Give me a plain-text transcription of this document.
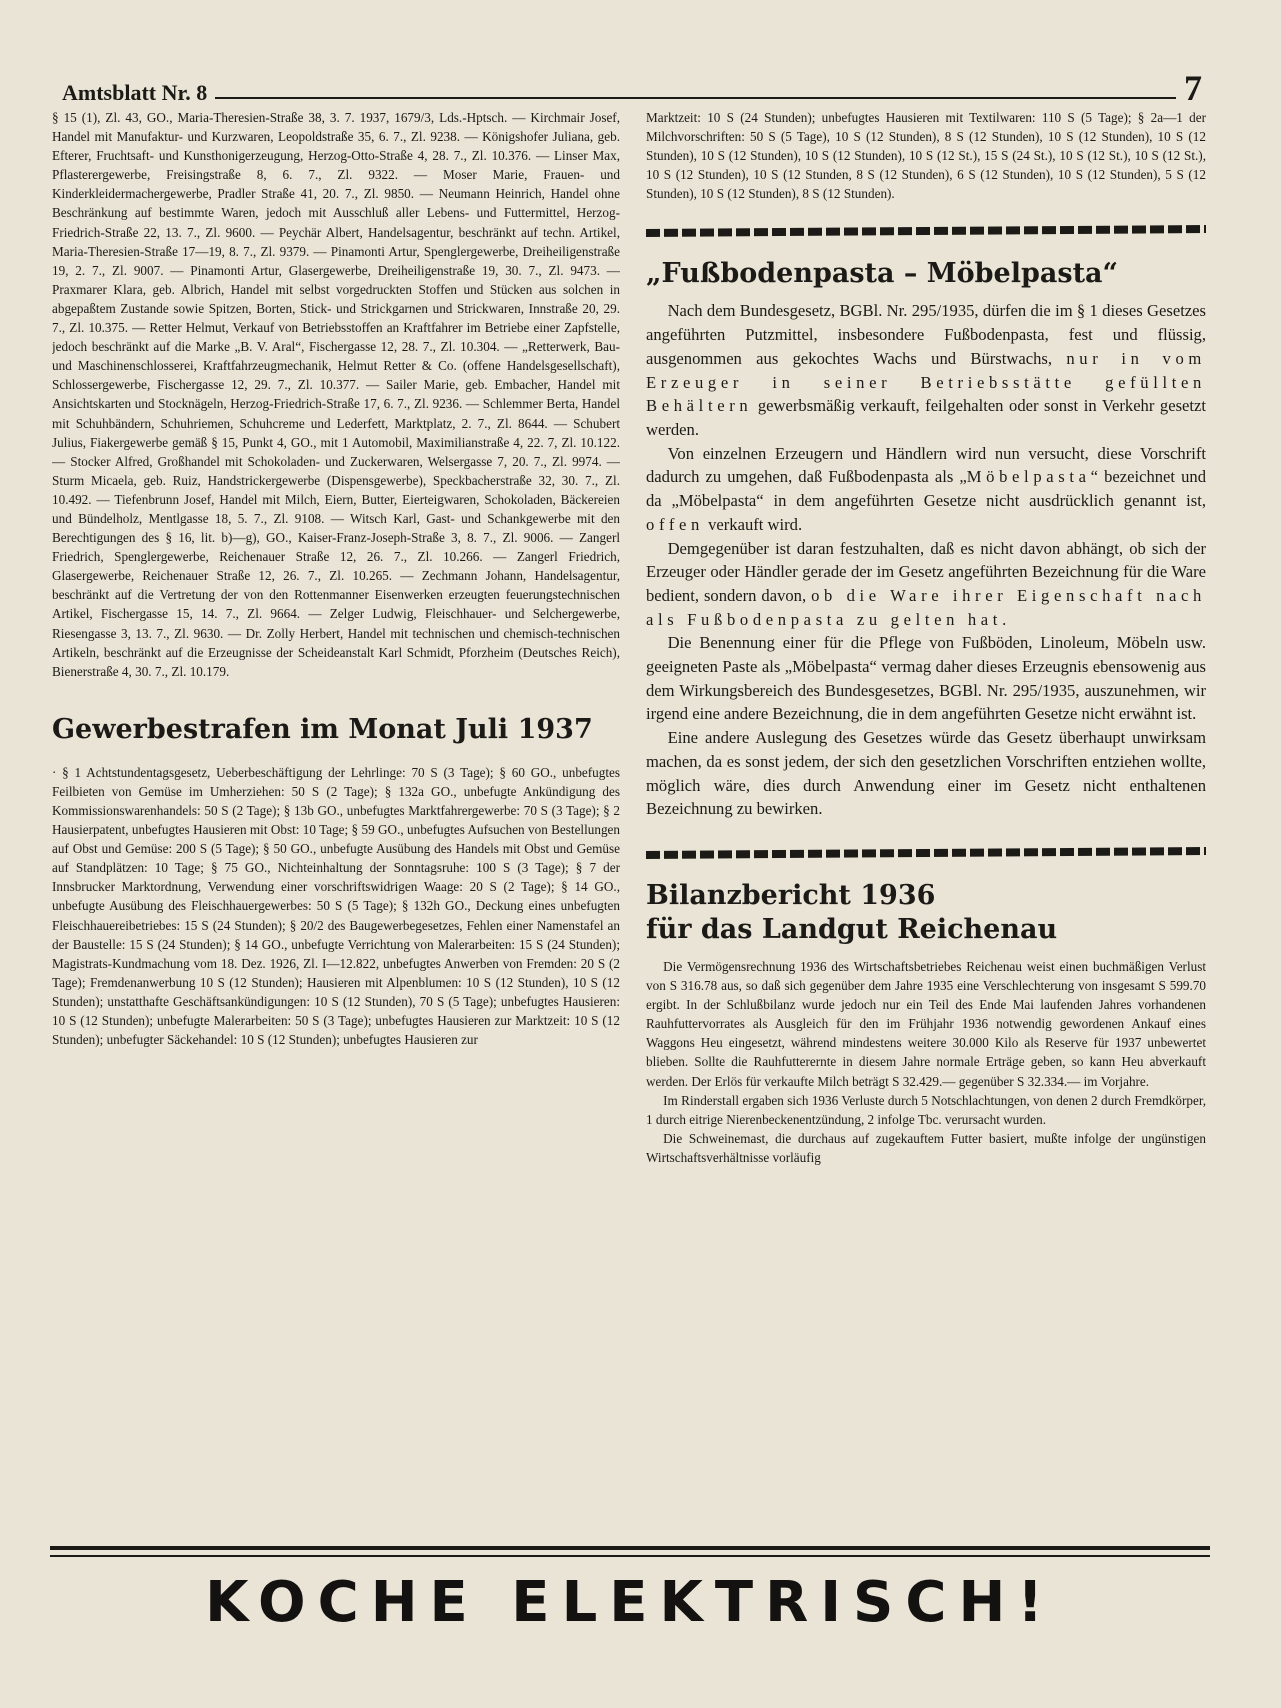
Amtsblatt Nr. 8	7

§ 15 (1), Zl. 43, GO., Maria-Theresien-Straße 38, 3. 7. 1937, 1679/3, Lds.-Hptsch. — Kirchmair Josef, Handel mit Manufaktur- und Kurzwaren, Leopoldstraße 35, 6. 7., Zl. 9238. — Königshofer Juliana, geb. Efterer, Fruchtsaft- und Kunsthonigerzeugung, Herzog-Otto-Straße 4, 28. 7., Zl. 10.376. — Linser Max, Pflasterergewerbe, Freisingstraße 8, 6. 7., Zl. 9322. — Moser Marie, Frauen- und Kinderkleidermachergewerbe, Pradler Straße 41, 20. 7., Zl. 9850. — Neumann Heinrich, Handel ohne Beschränkung auf bestimmte Waren, jedoch mit Ausschluß aller Lebens- und Futtermittel, Herzog-Friedrich-Straße 22, 13. 7., Zl. 9600. — Peychär Albert, Handelsagentur, beschränkt auf techn. Artikel, Maria-Theresien-Straße 17—19, 8. 7., Zl. 9379. — Pinamonti Artur, Spenglergewerbe, Dreiheiligenstraße 19, 2. 7., Zl. 9007. — Pinamonti Artur, Glasergewerbe, Dreiheiligenstraße 19, 30. 7., Zl. 9473. — Praxmarer Klara, geb. Albrich, Handel mit selbst vorgedruckten Stoffen und Stücken aus solchen in abgepaßtem Zustande sowie Spitzen, Borten, Stick- und Strickgarnen und Strickwaren, Innstraße 20, 29. 7., Zl. 10.375. — Retter Helmut, Verkauf von Betriebsstoffen an Kraftfahrer im Betriebe einer Zapfstelle, jedoch beschränkt auf die Marke „B. V. Aral“, Fischergasse 12, 28. 7., Zl. 10.304. — „Retterwerk, Bau- und Maschinenschlosserei, Kraftfahrzeugmechanik, Helmut Retter & Co. (offene Handelsgesellschaft), Schlossergewerbe, Fischergasse 12, 29. 7., Zl. 10.377. — Sailer Marie, geb. Embacher, Handel mit Ansichtskarten und Stocknägeln, Herzog-Friedrich-Straße 17, 6. 7., Zl. 9236. — Schlemmer Berta, Handel mit Schuhbändern, Schuhriemen, Schuhcreme und Lederfett, Marktplatz, 2. 7., Zl. 8644. — Schubert Julius, Fiakergewerbe gemäß § 15, Punkt 4, GO., mit 1 Automobil, Maximilianstraße 4, 22. 7, Zl. 10.122. — Stocker Alfred, Großhandel mit Schokoladen- und Zuckerwaren, Welsergasse 7, 20. 7., Zl. 9974. — Sturm Micaela, geb. Ruiz, Handstrickergewerbe (Dispensgewerbe), Speckbacherstraße 32, 30. 7., Zl. 10.492. — Tiefenbrunn Josef, Handel mit Milch, Eiern, Butter, Eierteigwaren, Schokoladen, Bäckereien und Bündelholz, Mentlgasse 18, 5. 7., Zl. 9108. — Witsch Karl, Gast- und Schankgewerbe mit den Berechtigungen des § 16, lit. b)—g), GO., Kaiser-Franz-Joseph-Straße 3, 8. 7., Zl. 9006. — Zangerl Friedrich, Spenglergewerbe, Reichenauer Straße 12, 26. 7., Zl. 10.266. — Zangerl Friedrich, Glasergewerbe, Reichenauer Straße 12, 26. 7., Zl. 10.265. — Zechmann Johann, Handelsagentur, beschränkt auf die Vertretung der von den Rottenmanner Eisenwerken erzeugten feuerungstechnischen Artikel, Fischergasse 15, 14. 7., Zl. 9664. — Zelger Ludwig, Fleischhauer- und Selchergewerbe, Riesengasse 3, 13. 7., Zl. 9630. — Dr. Zolly Herbert, Handel mit technischen und chemisch-technischen Artikeln, beschränkt auf die Erzeugnisse der Scheideanstalt Karl Schmidt, Pforzheim (Deutsches Reich), Bienerstraße 4, 30. 7., Zl. 10.179.

Gewerbestrafen im Monat Juli 1937

· § 1 Achtstundentagsgesetz, Ueberbeschäftigung der Lehrlinge: 70 S (3 Tage); § 60 GO., unbefugtes Feilbieten von Gemüse im Umherziehen: 50 S (2 Tage); § 132a GO., unbefugte Ankündigung des Kommissionswarenhandels: 50 S (2 Tage); § 13b GO., unbefugtes Marktfahrergewerbe: 70 S (3 Tage); § 2 Hausierpatent, unbefugtes Hausieren mit Obst: 10 Tage; § 59 GO., unbefugtes Aufsuchen von Bestellungen auf Obst und Gemüse: 200 S (5 Tage); § 50 GO., unbefugte Ausübung des Handels mit Obst und Gemüse auf Standplätzen: 10 Tage; § 75 GO., Nichteinhaltung der Sonntagsruhe: 100 S (3 Tage); § 7 der Innsbrucker Marktordnung, Verwendung einer vorschriftswidrigen Waage: 20 S (2 Tage); § 14 GO., unbefugte Ausübung des Fleischhauergewerbes: 50 S (5 Tage); § 132h GO., Deckung eines unbefugten Fleischhauereibetriebes: 15 S (24 Stunden); § 20/2 des Baugewerbegesetzes, Fehlen einer Namenstafel an der Baustelle: 15 S (24 Stunden); § 14 GO., unbefugte Verrichtung von Malerarbeiten: 15 S (24 Stunden); Magistrats-Kundmachung vom 18. Dez. 1926, Zl. I—12.822, unbefugtes Anwerben von Fremden: 20 S (2 Tage); Fremdenanwerbung 10 S (12 Stunden); Hausieren mit Alpenblumen: 10 S (12 Stunden), 10 S (12 Stunden); unstatthafte Geschäftsankündigungen: 10 S (12 Stunden), 70 S (5 Tage); unbefugtes Hausieren: 10 S (12 Stunden); unbefugte Malerarbeiten: 50 S (3 Tage); unbefugtes Hausieren zur Marktzeit: 10 S (12 Stunden); unbefugter Säckehandel: 10 S (12 Stunden); unbefugtes Hausieren zur

Marktzeit: 10 S (24 Stunden); unbefugtes Hausieren mit Textilwaren: 110 S (5 Tage); § 2a—1 der Milchvorschriften: 50 S (5 Tage), 10 S (12 Stunden), 8 S (12 Stunden), 10 S (12 Stunden), 10 S (12 Stunden), 10 S (12 Stunden), 10 S (12 Stunden), 10 S (12 St.), 15 S (24 St.), 10 S (12 St.), 10 S (12 St.), 10 S (12 Stunden), 10 S (12 Stunden, 8 S (12 Stunden), 6 S (12 Stunden), 10 S (12 Stunden), 5 S (12 Stunden), 10 S (12 Stunden), 8 S (12 Stunden).

„Fußbodenpasta – Möbelpasta“

Nach dem Bundesgesetz, BGBl. Nr. 295/1935, dürfen die im § 1 dieses Gesetzes angeführten Putzmittel, insbesondere Fußbodenpasta, fest und flüssig, ausgenommen aus gekochtes Wachs und Bürstwachs, nur in vom Erzeuger in seiner Betriebsstätte gefüllten Behältern gewerbsmäßig verkauft, feilgehalten oder sonst in Verkehr gesetzt werden.

Von einzelnen Erzeugern und Händlern wird nun versucht, diese Vorschrift dadurch zu umgehen, daß Fußbodenpasta als „Möbelpasta“ bezeichnet und da „Möbelpasta“ in dem angeführten Gesetze nicht ausdrücklich genannt ist, offen verkauft wird.

Demgegenüber ist daran festzuhalten, daß es nicht davon abhängt, ob sich der Erzeuger oder Händler gerade der im Gesetz angeführten Bezeichnung für die Ware bedient, sondern davon, ob die Ware ihrer Eigenschaft nach als Fußbodenpasta zu gelten hat.

Die Benennung einer für die Pflege von Fußböden, Linoleum, Möbeln usw. geeigneten Paste als „Möbelpasta“ vermag daher dieses Erzeugnis ebensowenig aus dem Wirkungsbereich des Bundesgesetzes, BGBl. Nr. 295/1935, auszunehmen, wir irgend eine andere Bezeichnung, die in dem angeführten Gesetze nicht erwähnt ist.

Eine andere Auslegung des Gesetzes würde das Gesetz überhaupt unwirksam machen, da es sonst jedem, der sich den gesetzlichen Vorschriften entziehen wollte, möglich wäre, dies durch Anwendung einer im Gesetz nicht enthaltenen Bezeichnung zu bewirken.

Bilanzbericht 1936
für das Landgut Reichenau

Die Vermögensrechnung 1936 des Wirtschaftsbetriebes Reichenau weist einen buchmäßigen Verlust von S 316.78 aus, so daß sich gegenüber dem Jahre 1935 eine Verschlechterung von insgesamt S 599.70 ergibt. In der Schlußbilanz wurde jedoch nur ein Teil des Ende Mai laufenden Jahres vorhandenen Rauhfuttervorrates als Ausgleich für den im Frühjahr 1936 notwendig gewordenen Ankauf eines Waggons Heu eingesetzt, während mindestens weitere 30.000 Kilo als Reserve für 1937 unbewertet blieben. Sollte die Rauhfutterernte in diesem Jahre normale Erträge geben, so kann Heu abverkauft werden. Der Erlös für verkaufte Milch beträgt S 32.429.— gegenüber S 32.334.— im Vorjahre.

Im Rinderstall ergaben sich 1936 Verluste durch 5 Notschlachtungen, von denen 2 durch Fremdkörper, 1 durch eitrige Nierenbeckenentzündung, 2 infolge Tbc. verursacht wurden.

Die Schweinemast, die durchaus auf zugekauftem Futter basiert, mußte infolge der ungünstigen Wirtschaftsverhältnisse vorläufig

KOCHE ELEKTRISCH!
